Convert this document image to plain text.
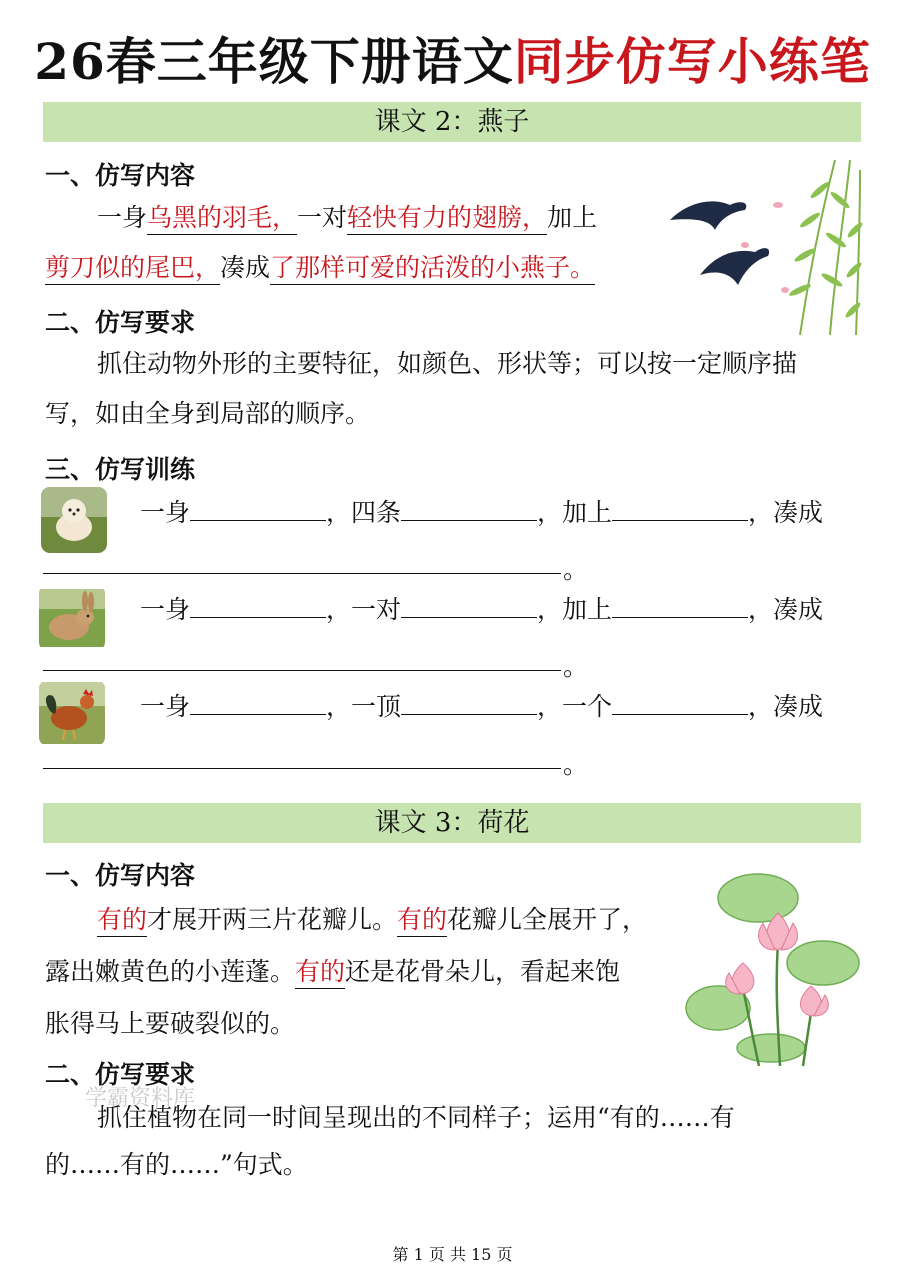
26春三年级下册语文同步仿写小练笔
课文 2：燕子
一、仿写内容
一身乌黑的羽毛，一对轻快有力的翅膀，加上
剪刀似的尾巴，凑成了那样可爱的活泼的小燕子。
二、仿写要求
抓住动物外形的主要特征，如颜色、形状等；可以按一定顺序描
写，如由全身到局部的顺序。
三、仿写训练
一身	，四条	，加上	，凑成
。
一身	，一对	，加上	，凑成
。
一身	，一顶	，一个	，凑成
。
课文 3：荷花
一、仿写内容
有的才展开两三片花瓣儿。有的花瓣儿全展开了，
露出嫩黄色的小莲蓬。有的还是花骨朵儿，看起来饱
胀得马上要破裂似的。
二、仿写要求
学霸资料库
抓住植物在同一时间呈现出的不同样子；运用“有的……有
的……有的……”句式。
第 1 页 共 15 页
